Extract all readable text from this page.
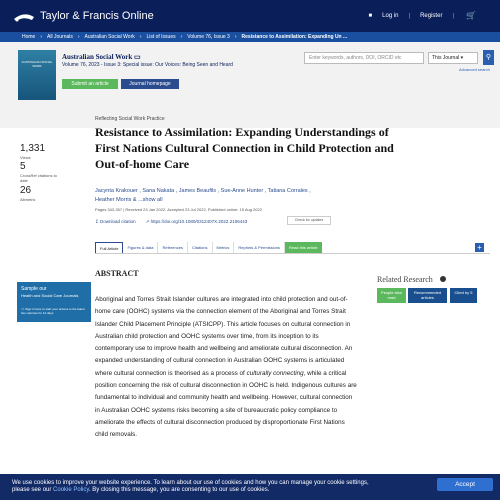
Taylor & Francis Online	■ Log in | Register | 🛒
Home › All Journals › Australian Social Work › List of Issues › Volume 76, Issue 3 › Resistance to Assimilation: Expanding Un ...
AUSTRALIAN SOCIAL WORK
Australian Social Work ▭
Volume 76, 2023 - Issue 3: Special issue: Our Voices: Being Seen and Heard
Submit an article	Journal homepage
Enter keywords, authors, DOI, ORCID etc	This Journal ▾	⚲
Advanced search
1,331
Views
5
CrossRef citations to date
26
Altmetric
Reflecting Social Work Practice
Resistance to Assimilation: Expanding Understandings of First Nations Cultural Connection in Child Protection and Out-of-home Care
Jacynta Krakouer , Sana Nakata , James Beaufils , Sue-Anne Hunter , Tatiana Corrales ,
Heather Morris & ...show all
Pages 343-357 | Received 23 Jan 2022, Accepted 23 Jul 2022, Published online: 15 Aug 2022
↧ Download citation ↗ https://doi.org/10.1080/0312407X.2022.2106443	Check for updates
Full Article	Figures & data	References	Citations	Metrics	Reprints & Permissions	Read this article	+
Sample our
Health and Social Care Journals
>> Sign in here to start your access to the latest two volumes for 14 days
ABSTRACT
Aboriginal and Torres Strait Islander cultures are integrated into child protection and out-of-home care (OOHC) systems via the connection element of the Aboriginal and Torres Strait Islander Child Placement Principle (ATSICPP). This article focuses on cultural connection in Australian child protection and OOHC systems over time, from its inception to its contemporary use to improve health and wellbeing and ameliorate cultural disconnection. An expanded understanding of cultural connection in Australian OOHC systems is articulated where cultural connection is theorised as a process of culturally connecting, while a critical position concerning the risk of cultural disconnection in OOHC is held. Indigenous cultures are fundamental to individual and community health and wellbeing. However, cultural connection in Australian OOHC systems risks becoming a site of bureaucratic policy compliance to ameliorate the effects of cultural disconnection produced by disproportionate First Nations child removals.
Related Research
People also read
Recommended articles
Cited by 5
We use cookies to improve your website experience. To learn about our use of cookies and how you can manage your cookie settings,
please see our Cookie Policy. By closing this message, you are consenting to our use of cookies.
Accept
